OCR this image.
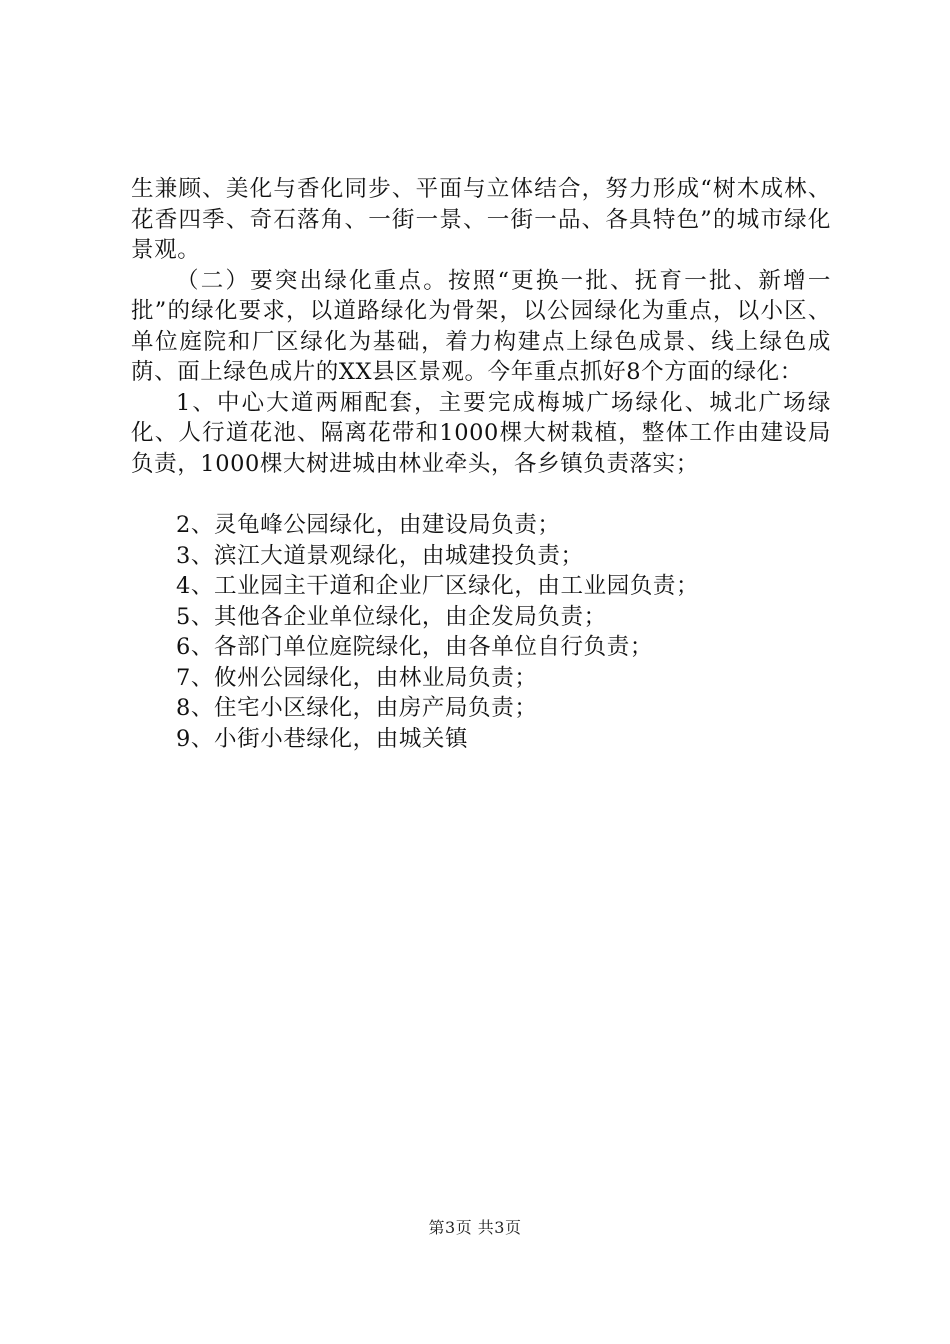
生兼顾、美化与香化同步、平面与立体结合，努力形成“树木成林、花香四季、奇石落角、一街一景、一街一品、各具特色”的城市绿化景观。

（二）要突出绿化重点。按照“更换一批、抚育一批、新增一批”的绿化要求，以道路绿化为骨架，以公园绿化为重点，以小区、单位庭院和厂区绿化为基础，着力构建点上绿色成景、线上绿色成荫、面上绿色成片的XX县区景观。今年重点抓好8个方面的绿化：

1、中心大道两厢配套，主要完成梅城广场绿化、城北广场绿化、人行道花池、隔离花带和1000棵大树栽植，整体工作由建设局负责，1000棵大树进城由林业牵头，各乡镇负责落实；

2、灵龟峰公园绿化，由建设局负责；

3、滨江大道景观绿化，由城建投负责；

4、工业园主干道和企业厂区绿化，由工业园负责；

5、其他各企业单位绿化，由企发局负责；

6、各部门单位庭院绿化，由各单位自行负责；

7、攸州公园绿化，由林业局负责；

8、住宅小区绿化，由房产局负责；

9、小街小巷绿化，由城关镇

第3页 共3页
